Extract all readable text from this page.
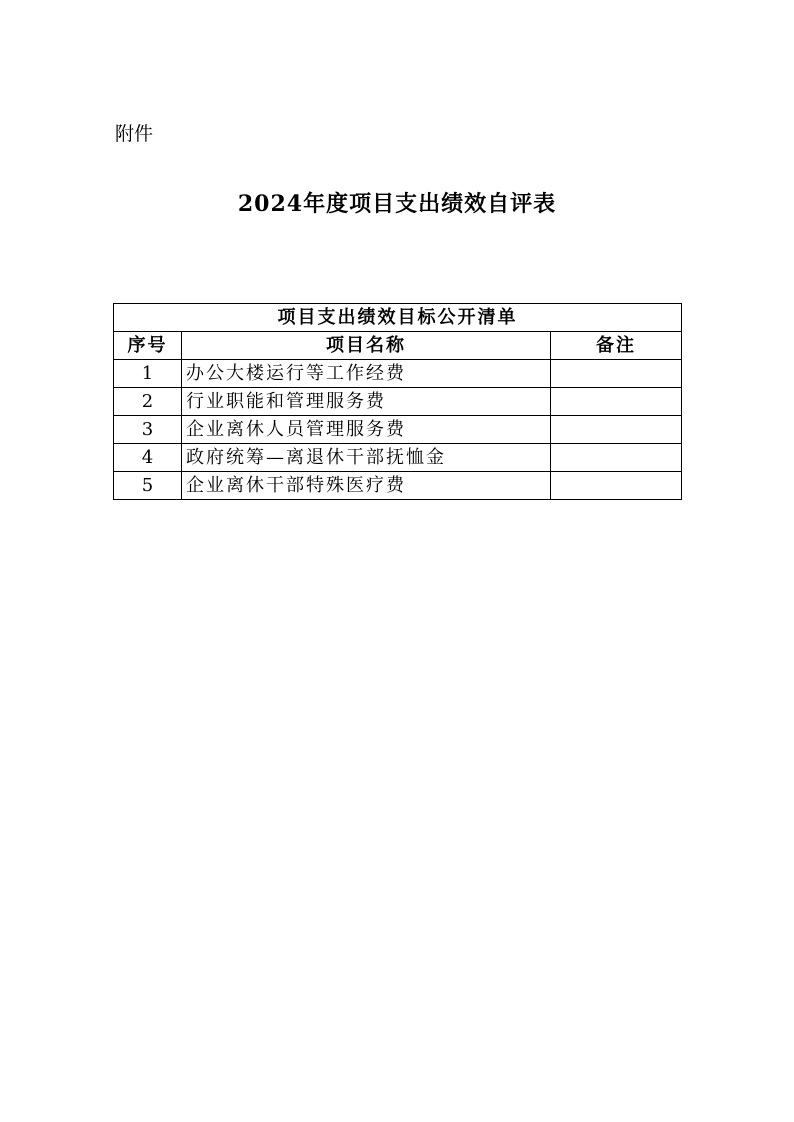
附件
2024年度项目支出绩效自评表
项目支出绩效目标公开清单		
序号	项目名称	备注
1	办公大楼运行等工作经费	
2	行业职能和管理服务费	
3	企业离休人员管理服务费	
4	政府统筹—离退休干部抚恤金	
5	企业离休干部特殊医疗费	
